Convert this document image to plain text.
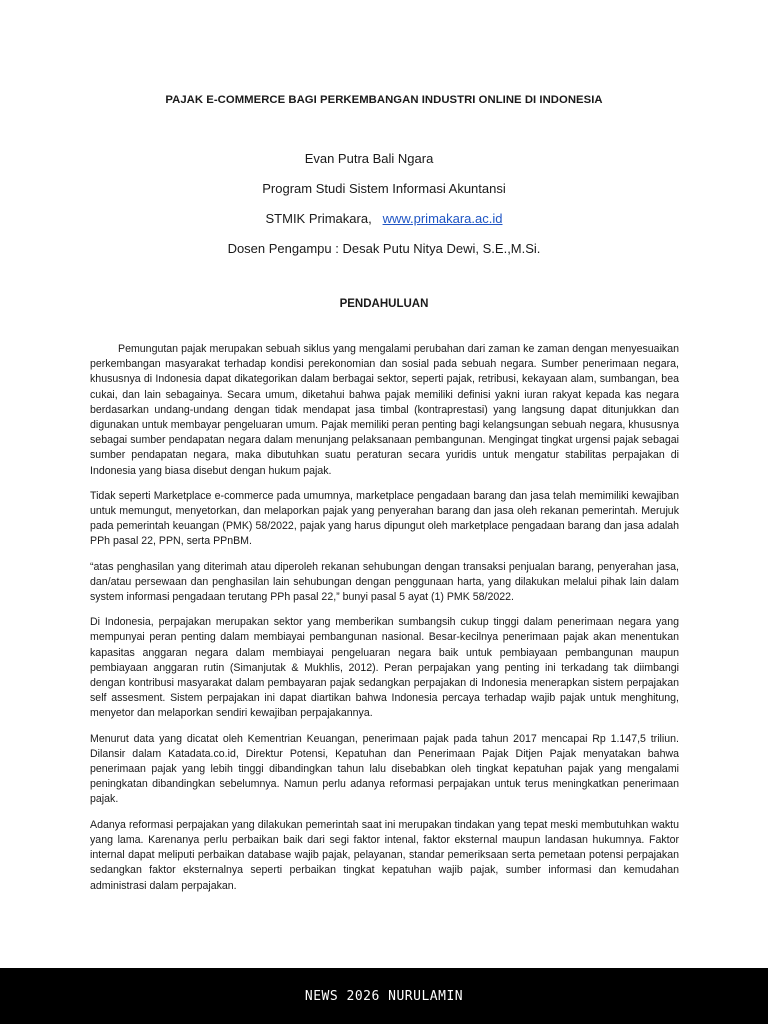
PAJAK E-COMMERCE BAGI PERKEMBANGAN INDUSTRI ONLINE DI INDONESIA
Evan Putra Bali Ngara
Program Studi Sistem Informasi Akuntansi
STMIK Primakara, www.primakara.ac.id
Dosen Pengampu : Desak Putu Nitya Dewi, S.E.,M.Si.
PENDAHULUAN

Pemungutan pajak merupakan sebuah siklus yang mengalami perubahan dari zaman ke zaman dengan menyesuaikan perkembangan masyarakat terhadap kondisi perekonomian dan sosial pada sebuah negara. Sumber penerimaan negara, khususnya di Indonesia dapat dikategorikan dalam berbagai sektor, seperti pajak, retribusi, kekayaan alam, sumbangan, bea cukai, dan lain sebagainya. Secara umum, diketahui bahwa pajak memiliki definisi yakni iuran rakyat kepada kas negara berdasarkan undang-undang dengan tidak mendapat jasa timbal (kontraprestasi) yang langsung dapat ditunjukkan dan digunakan untuk membayar pengeluaran umum. Pajak memiliki peran penting bagi kelangsungan sebuah negara, khususnya sebagai sumber pendapatan negara dalam menunjang pelaksanaan pembangunan. Mengingat tingkat urgensi pajak sebagai sumber pendapatan negara, maka dibutuhkan suatu peraturan secara yuridis untuk mengatur stabilitas perpajakan di Indonesia yang biasa disebut dengan hukum pajak.

Tidak seperti Marketplace e-commerce pada umumnya, marketplace pengadaan barang dan jasa telah memimiliki kewajiban untuk memungut, menyetorkan, dan melaporkan pajak yang penyerahan barang dan jasa oleh rekanan pemerintah. Merujuk pada pemerintah keuangan (PMK) 58/2022, pajak yang harus dipungut oleh marketplace pengadaan barang dan jasa adalah PPh pasal 22, PPN, serta PPnBM.

“atas penghasilan yang diterimah atau diperoleh rekanan sehubungan dengan transaksi penjualan barang, penyerahan jasa, dan/atau persewaan dan penghasilan lain sehubungan dengan penggunaan harta, yang dilakukan melalui pihak lain dalam system informasi pengadaan terutang PPh pasal 22,” bunyi pasal 5 ayat (1) PMK 58/2022.

Di Indonesia, perpajakan merupakan sektor yang memberikan sumbangsih cukup tinggi dalam penerimaan negara yang mempunyai peran penting dalam membiayai pembangunan nasional. Besar-kecilnya penerimaan pajak akan menentukan kapasitas anggaran negara dalam membiayai pengeluaran negara baik untuk pembiayaan pembangunan maupun pembiayaan anggaran rutin (Simanjutak & Mukhlis, 2012). Peran perpajakan yang penting ini terkadang tak diimbangi dengan kontribusi masyarakat dalam pembayaran pajak sedangkan perpajakan di Indonesia menerapkan sistem perpajakan self assesment. Sistem perpajakan ini dapat diartikan bahwa Indonesia percaya terhadap wajib pajak untuk menghitung, menyetor dan melaporkan sendiri kewajiban perpajakannya.

Menurut data yang dicatat oleh Kementrian Keuangan, penerimaan pajak pada tahun 2017 mencapai Rp 1.147,5 triliun. Dilansir dalam Katadata.co.id, Direktur Potensi, Kepatuhan dan Penerimaan Pajak Ditjen Pajak menyatakan bahwa penerimaan pajak yang lebih tinggi dibandingkan tahun lalu disebabkan oleh tingkat kepatuhan pajak yang mengalami peningkatan dibandingkan sebelumnya. Namun perlu adanya reformasi perpajakan untuk terus meningkatkan penerimaan pajak.

Adanya reformasi perpajakan yang dilakukan pemerintah saat ini merupakan tindakan yang tepat meski membutuhkan waktu yang lama. Karenanya perlu perbaikan baik dari segi faktor intenal, faktor eksternal maupun landasan hukumnya. Faktor internal dapat meliputi perbaikan database wajib pajak, pelayanan, standar pemeriksaan serta pemetaan potensi perpajakan sedangkan faktor eksternalnya seperti perbaikan tingkat kepatuhan wajib pajak, sumber informasi dan kemudahan administrasi dalam perpajakan.

NEWS 2026 NURULAMIN
